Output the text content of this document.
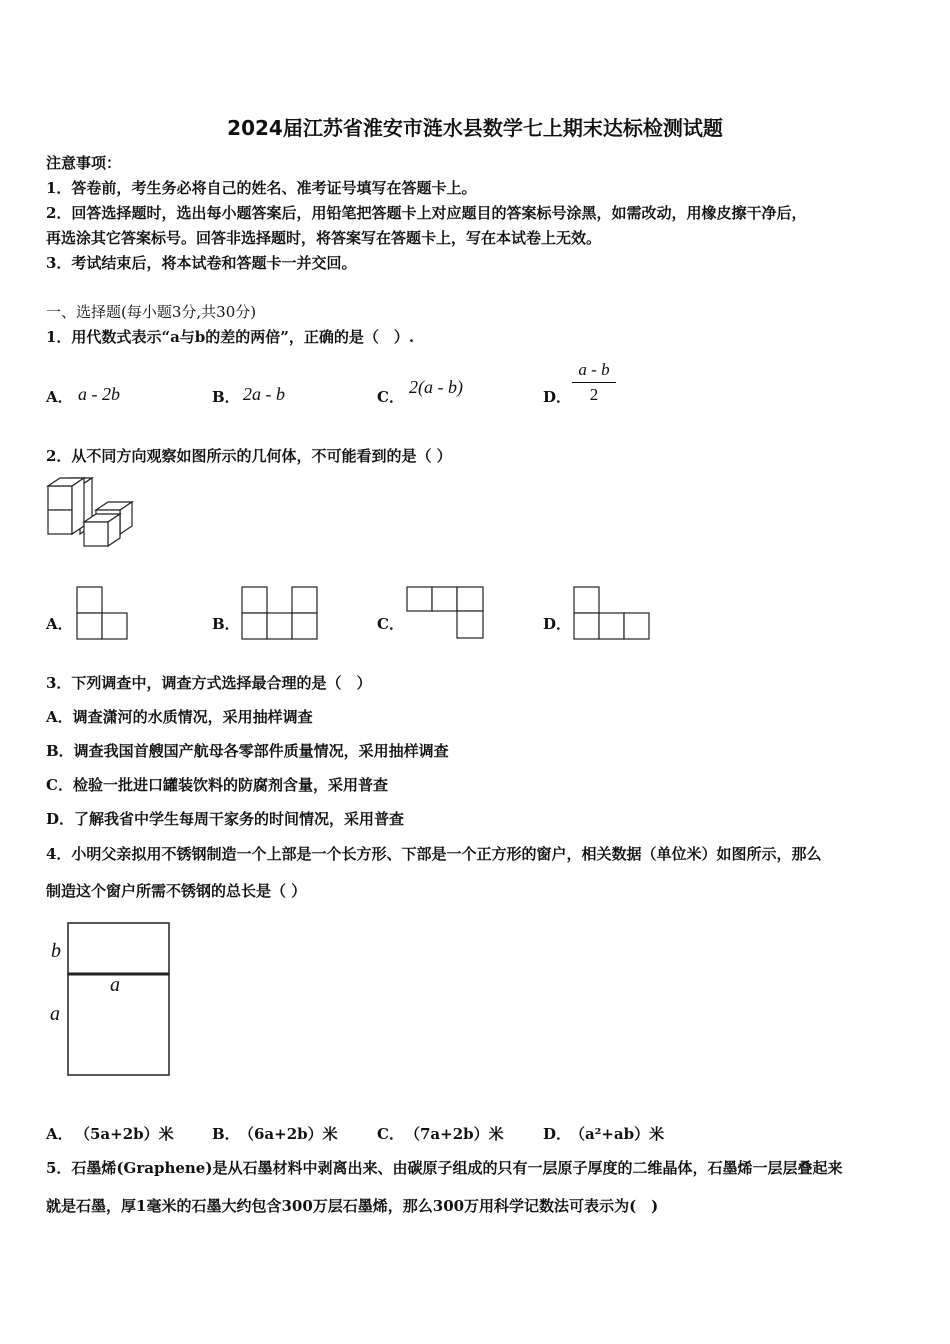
2024届江苏省淮安市涟水县数学七上期末达标检测试题
注意事项：
1．答卷前，考生务必将自己的姓名、准考证号填写在答题卡上。
2．回答选择题时，选出每小题答案后，用铅笔把答题卡上对应题目的答案标号涂黑，如需改动，用橡皮擦干净后，
再选涂其它答案标号。回答非选择题时，将答案写在答题卡上，写在本试卷上无效。
3．考试结束后，将本试卷和答题卡一并交回。
一、选择题(每小题3分,共30分)
1．用代数式表示“a与b的差的两倍”，正确的是（　）.
A． a - 2b	B． 2a - b	C． 2(a - b)	D．
a - b
2
2．从不同方向观察如图所示的几何体，不可能看到的是（ ）
A．	B．	C．	D．
3．下列调查中，调查方式选择最合理的是（　）
A．调查潇河的水质情况，采用抽样调查
B．调查我国首艘国产航母各零部件质量情况，采用抽样调查
C．检验一批进口罐装饮料的防腐剂含量，采用普查
D．了解我省中学生每周干家务的时间情况，采用普查
4．小明父亲拟用不锈钢制造一个上部是一个长方形、下部是一个正方形的窗户，相关数据（单位米）如图所示，那么
制造这个窗户所需不锈钢的总长是（ ）
b
a
a
A． （5a+2b）米	B． （6a+2b）米	C． （7a+2b）米	D．
（a²+ab）米
5．石墨烯(Graphene)是从石墨材料中剥离出来、由碳原子组成的只有一层原子厚度的二维晶体，石墨烯一层层叠起来
就是石墨，厚1毫米的石墨大约包含300万层石墨烯，那么300万用科学记数法可表示为(　)
